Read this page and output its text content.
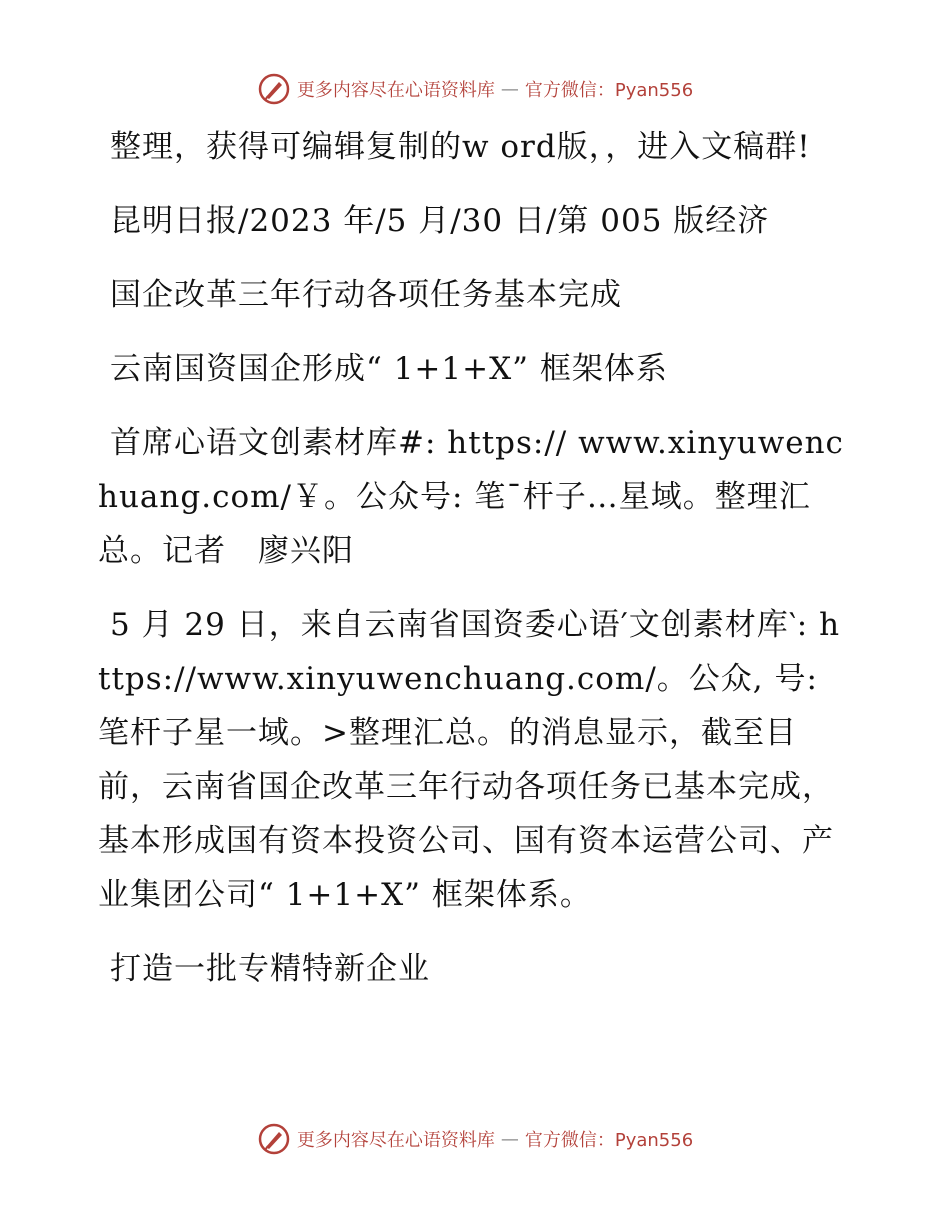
更多内容尽在心语资料库 — 官方微信：Pyan556

整理，获得可编辑复制的w ord版，，进入文稿群!

昆明日报/2023 年/5 月/30 日/第 005 版经济

国企改革三年行动各项任务基本完成

云南国资国企形成“ 1+1+X” 框架体系

首席心语文创素材库#: https:// www.xinyuwenchuang.com/￥。公众号: 笔¯杆子…星域。整理汇总。记者　廖兴阳

5 月 29 日，来自云南省国资委心语′文创素材库‵: https://www.xinyuwenchuang.com/。公众, 号: 笔杆子星一域。>整理汇总。的消息显示，截至目前，云南省国企改革三年行动各项任务已基本完成，基本形成国有资本投资公司、国有资本运营公司、产业集团公司“ 1+1+X” 框架体系。

打造一批专精特新企业

更多内容尽在心语资料库 — 官方微信：Pyan556
